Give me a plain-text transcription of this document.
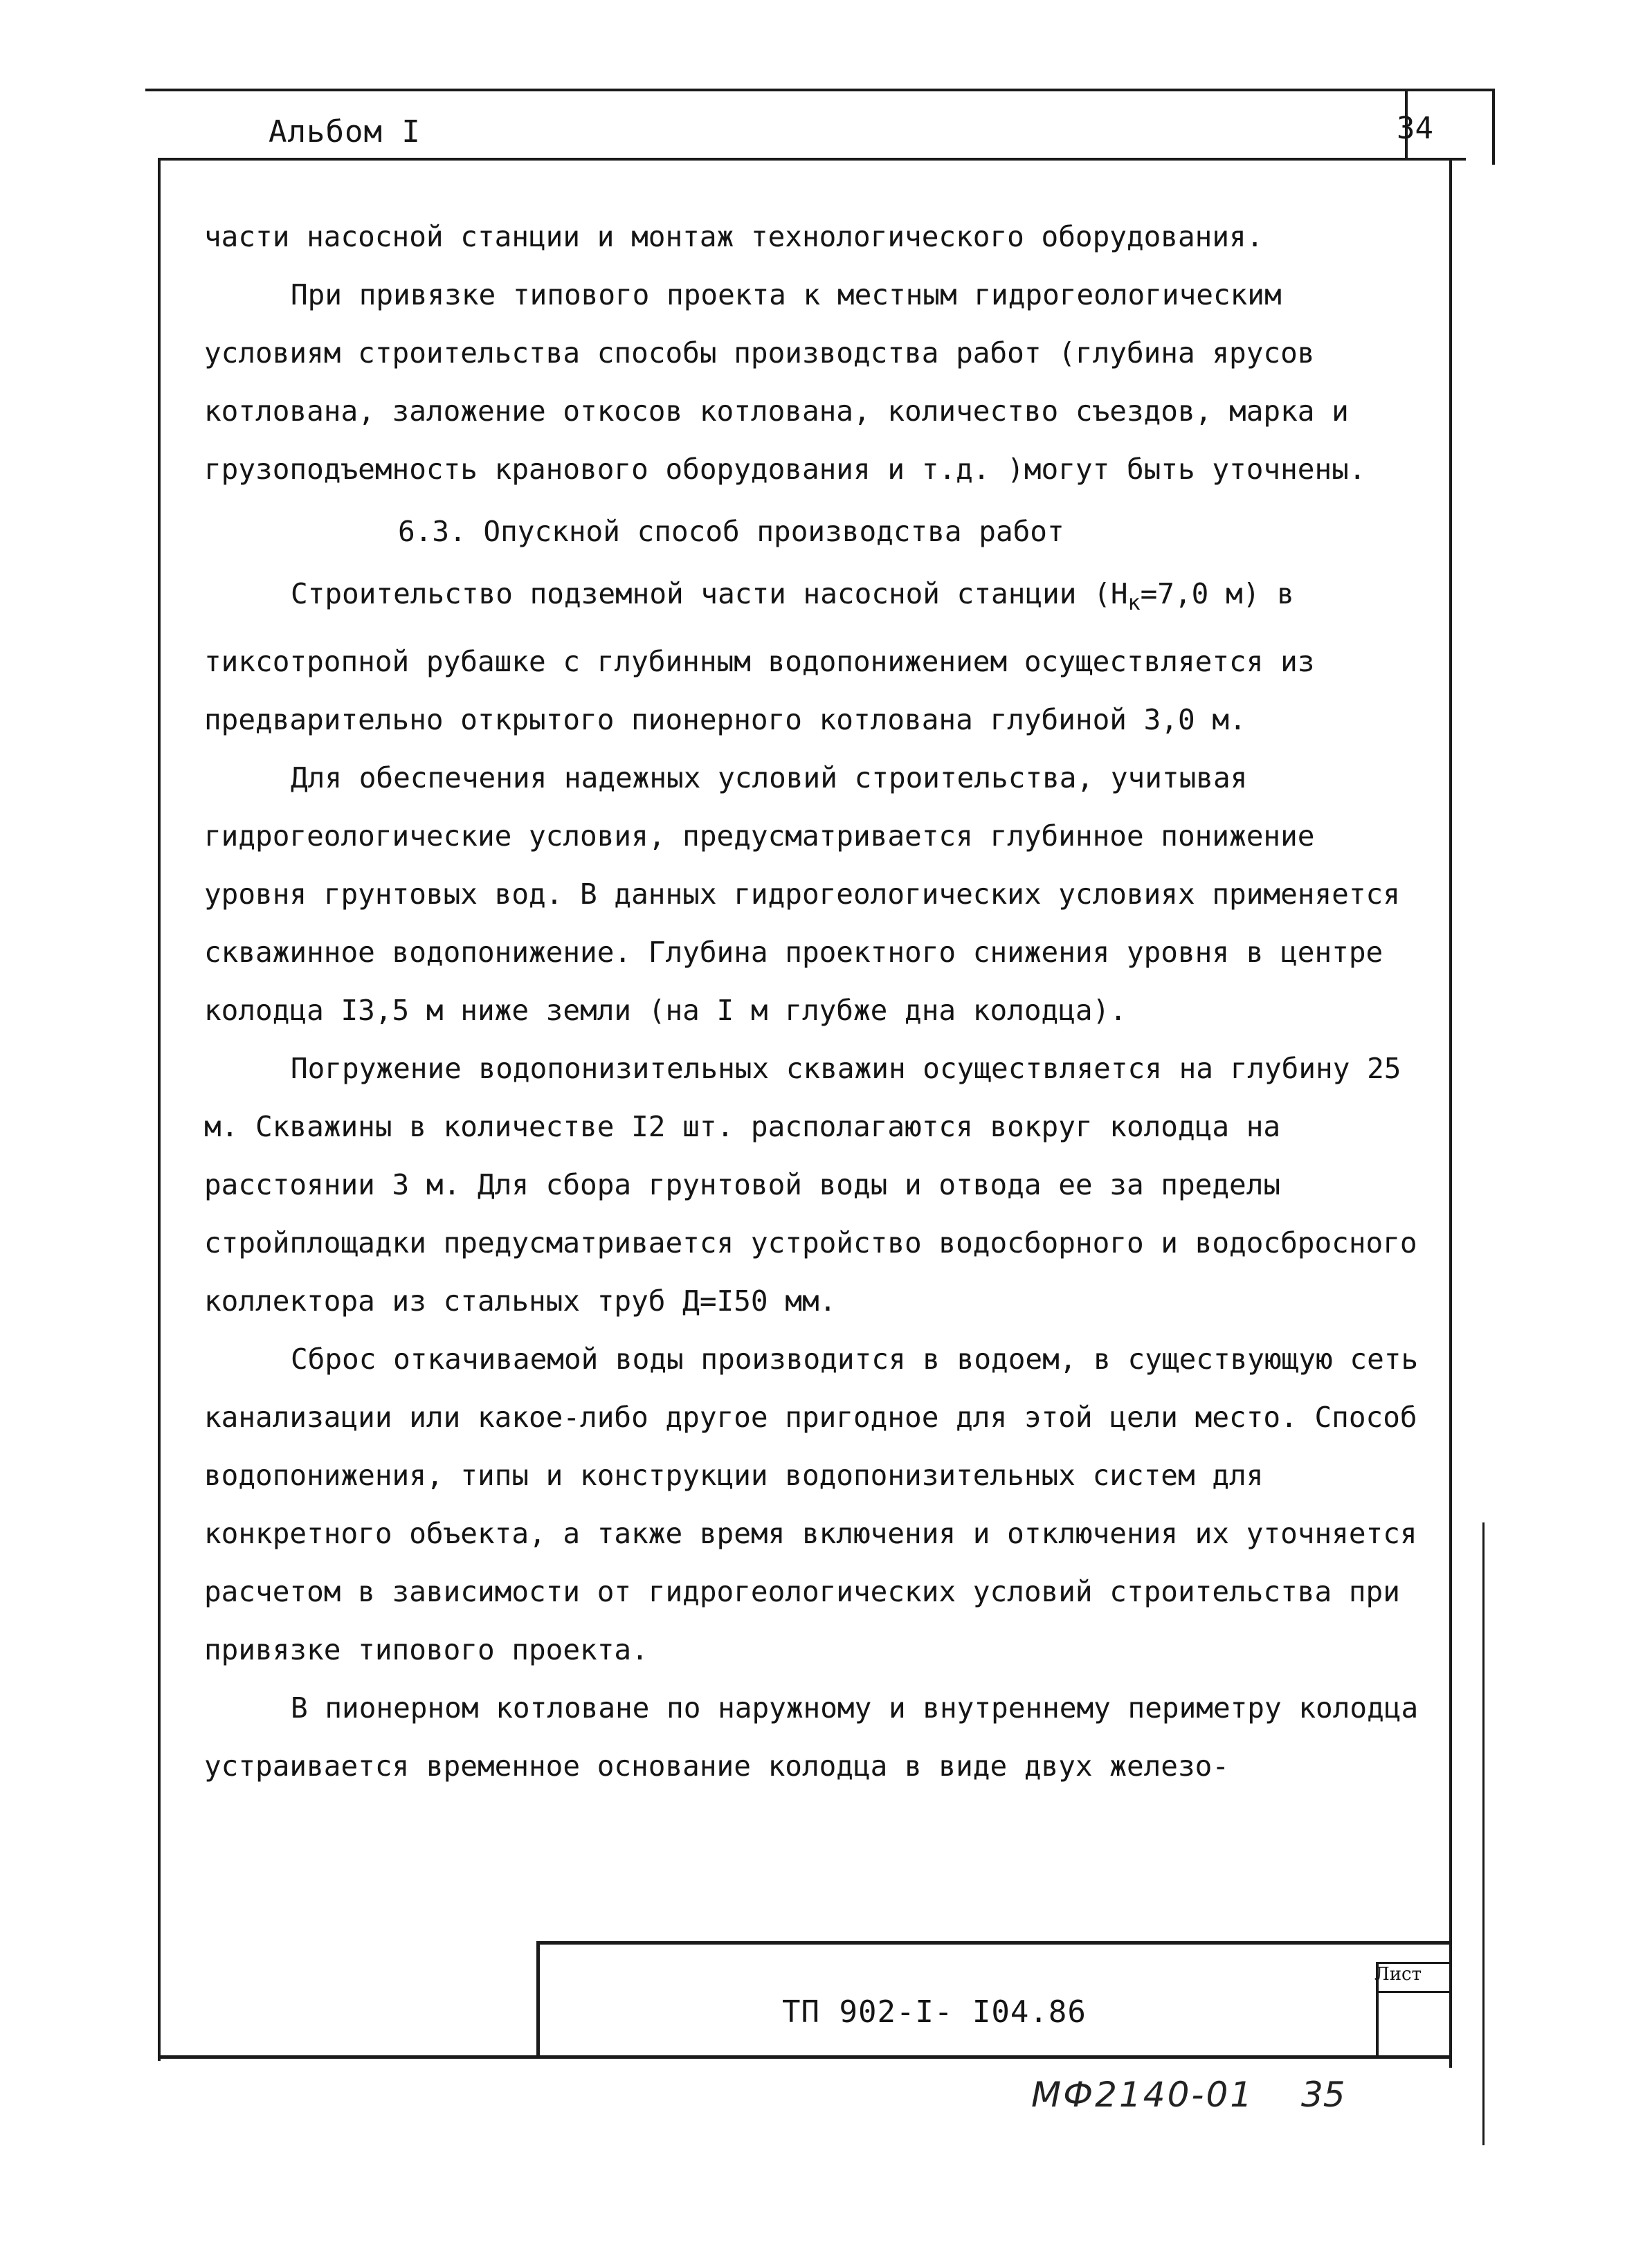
Альбом I	34

части насосной станции и монтаж технологического оборудования.

При привязке типового проекта к местным гидрогеологическим условиям строительства способы производства работ (глубина ярусов котлована, заложение откосов котлована, количество съездов, марка и грузоподъемность кранового оборудования и т.д. )могут быть уточнены.

6.3. Опускной способ производства работ

Строительство подземной части насосной станции ($H_к=7,0$ м) в тиксотропной рубашке с глубинным водопонижением осуществляется из предварительно открытого пионерного котлована глубиной 3,0 м.

Для обеспечения надежных условий строительства, учитывая гидрогеологические условия, предусматривается глубинное понижение уровня грунтовых вод. В данных гидрогеологических условиях применяется скважинное водопонижение. Глубина проектного снижения уровня в центре колодца I3,5 м ниже земли (на I м глубже дна колодца).

Погружение водопонизительных скважин осуществляется на глубину 25 м. Скважины в количестве I2 шт. располагаются вокруг колодца на расстоянии 3 м. Для сбора грунтовой воды и отвода ее за пределы стройплощадки предусматривается устройство водосборного и водосбросного коллектора из стальных труб Д=I50 мм.

Сброс откачиваемой воды производится в водоем, в существующую сеть канализации или какое-либо другое пригодное для этой цели место. Способ водопонижения, типы и конструкции водопонизительных систем для конкретного объекта, а также время включения и отключения их уточняется расчетом в зависимости от гидрогеологических условий строительства при привязке типового проекта.

В пионерном котловане по наружному и внутреннему периметру колодца устраивается временное основание колодца в виде двух железо-

ТП 902-I- I04.86
Лист
МФ2140-01 35
